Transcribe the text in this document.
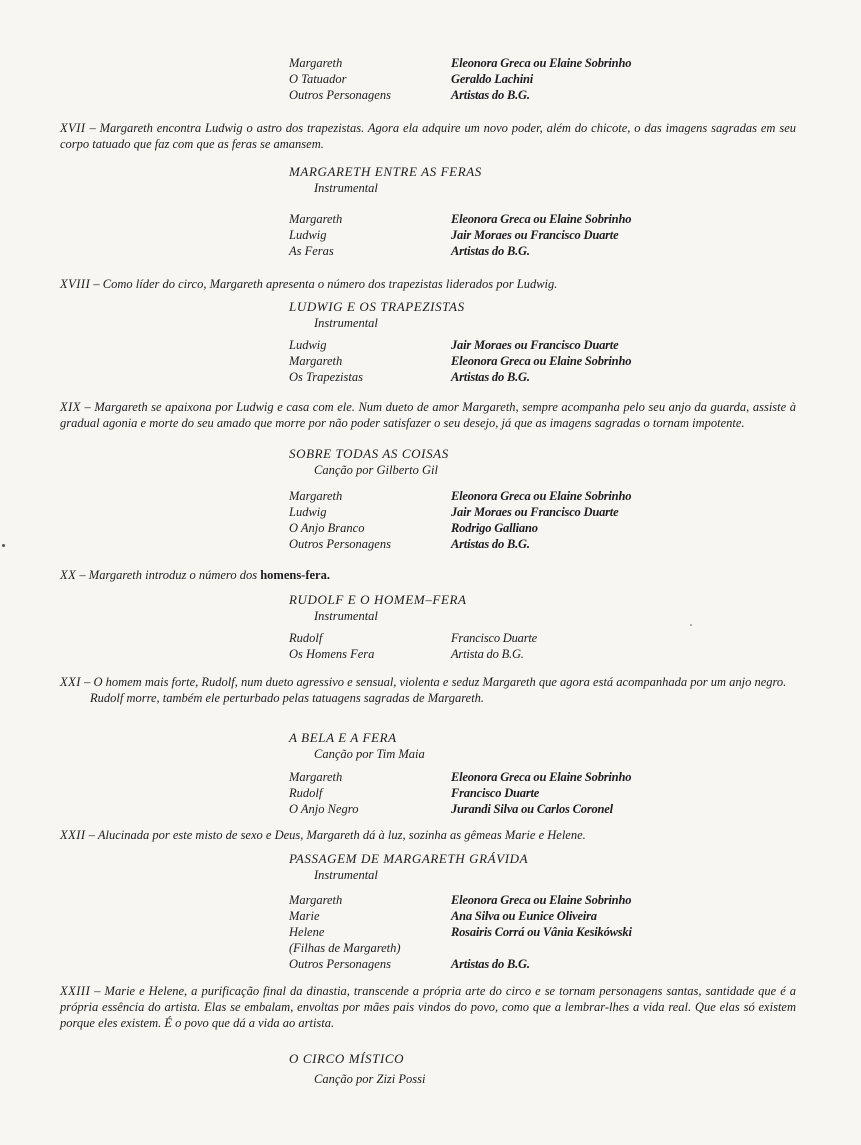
Margareth	Eleonora Greca ou Elaine Sobrinho
O Tatuador	Geraldo Lachini
Outros Personagens	Artistas do B.G.
XVII – Margareth encontra Ludwig o astro dos trapezistas. Agora ela adquire um novo poder, além do chicote, o das imagens sagradas em seu corpo tatuado que faz com que as feras se amansem.
MARGARETH ENTRE AS FERAS
Instrumental
Margareth	Eleonora Greca ou Elaine Sobrinho
Ludwig	Jair Moraes ou Francisco Duarte
As Feras	Artistas do B.G.
XVIII – Como líder do circo, Margareth apresenta o número dos trapezistas liderados por Ludwig.
LUDWIG E OS TRAPEZISTAS
Instrumental
Ludwig	Jair Moraes ou Francisco Duarte
Margareth	Eleonora Greca ou Elaine Sobrinho
Os Trapezistas	Artistas do B.G.
XIX – Margareth se apaixona por Ludwig e casa com ele. Num dueto de amor Margareth, sempre acompanha pelo seu anjo da guarda, assiste à gradual agonia e morte do seu amado que morre por não poder satisfazer o seu desejo, já que as imagens sagradas o tornam impotente.
SOBRE TODAS AS COISAS
Canção por Gilberto Gil
Margareth	Eleonora Greca ou Elaine Sobrinho
Ludwig	Jair Moraes ou Francisco Duarte
O Anjo Branco	Rodrigo Galliano
Outros Personagens	Artistas do B.G.
XX – Margareth introduz o número dos homens-fera.
RUDOLF E O HOMEM–FERA
Instrumental
Rudolf	Francisco Duarte
Os Homens Fera	Artista do B.G.
XXI – O homem mais forte, Rudolf, num dueto agressivo e sensual, violenta e seduz Margareth que agora está acompanhada por um anjo negro.
Rudolf morre, também ele perturbado pelas tatuagens sagradas de Margareth.
A BELA E A FERA
Canção por Tim Maia
Margareth	Eleonora Greca ou Elaine Sobrinho
Rudolf	Francisco Duarte
O Anjo Negro	Jurandi Silva ou Carlos Coronel
XXII – Alucinada por este misto de sexo e Deus, Margareth dá à luz, sozinha as gêmeas Marie e Helene.
PASSAGEM DE MARGARETH GRÁVIDA
Instrumental
Margareth	Eleonora Greca ou Elaine Sobrinho
Marie	Ana Silva ou Eunice Oliveira
Helene	Rosairis Corrá ou Vânia Kesikówski
(Filhas de Margareth)
Outros Personagens	Artistas do B.G.
XXIII – Marie e Helene, a purificação final da dinastia, transcende a própria arte do circo e se tornam personagens santas, santidade que é a própria essência do artista. Elas se embalam, envoltas por mães pais vindos do povo, como que a lembrar-lhes a vida real. Que elas só existem porque eles existem. É o povo que dá a vida ao artista.
O CIRCO MÍSTICO
Canção por Zizi Possi
